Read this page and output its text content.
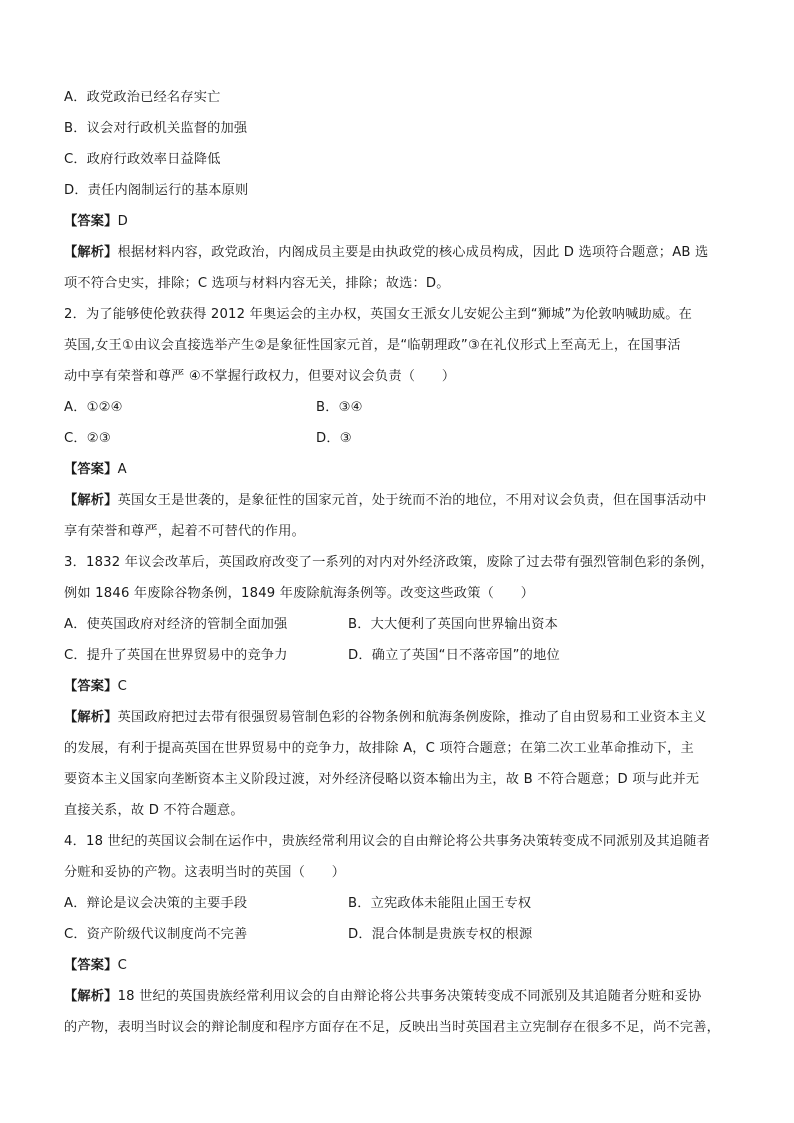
A．政党政治已经名存实亡
B．议会对行政机关监督的加强
C．政府行政效率日益降低
D．责任内阁制运行的基本原则
【答案】D
【解析】根据材料内容，政党政治，内阁成员主要是由执政党的核心成员构成，因此 D 选项符合题意；AB 选
项不符合史实，排除；C 选项与材料内容无关，排除；故选：D。
2．为了能够使伦敦获得 2012 年奥运会的主办权，英国女王派女儿安妮公主到“狮城”为伦敦呐喊助威。在
英国,女王①由议会直接选举产生②是象征性国家元首，是“临朝理政”③在礼仪形式上至高无上，在国事活
动中享有荣誉和尊严 ④不掌握行政权力，但要对议会负责（　　）
A．①②④	B．③④
C．②③	D．③
【答案】A
【解析】英国女王是世袭的，是象征性的国家元首，处于统而不治的地位，不用对议会负责，但在国事活动中
享有荣誉和尊严，起着不可替代的作用。
3．1832 年议会改革后，英国政府改变了一系列的对内对外经济政策，废除了过去带有强烈管制色彩的条例，
例如 1846 年废除谷物条例，1849 年废除航海条例等。改变这些政策（　　）
A．使英国政府对经济的管制全面加强	B．大大便利了英国向世界输出资本
C．提升了英国在世界贸易中的竞争力	D．确立了英国“日不落帝国”的地位
【答案】C
【解析】英国政府把过去带有很强贸易管制色彩的谷物条例和航海条例废除，推动了自由贸易和工业资本主义
的发展，有利于提高英国在世界贸易中的竞争力，故排除 A，C 项符合题意；在第二次工业革命推动下，主
要资本主义国家向垄断资本主义阶段过渡，对外经济侵略以资本输出为主，故 B 不符合题意；D 项与此并无
直接关系，故 D 不符合题意。
4．18 世纪的英国议会制在运作中，贵族经常利用议会的自由辩论将公共事务决策转变成不同派别及其追随者
分赃和妥协的产物。这表明当时的英国（　　）
A．辩论是议会决策的主要手段	B．立宪政体未能阻止国王专权
C．资产阶级代议制度尚不完善	D．混合体制是贵族专权的根源
【答案】C
【解析】18 世纪的英国贵族经常利用议会的自由辩论将公共事务决策转变成不同派别及其追随者分赃和妥协
的产物，表明当时议会的辩论制度和程序方面存在不足，反映出当时英国君主立宪制存在很多不足，尚不完善，
